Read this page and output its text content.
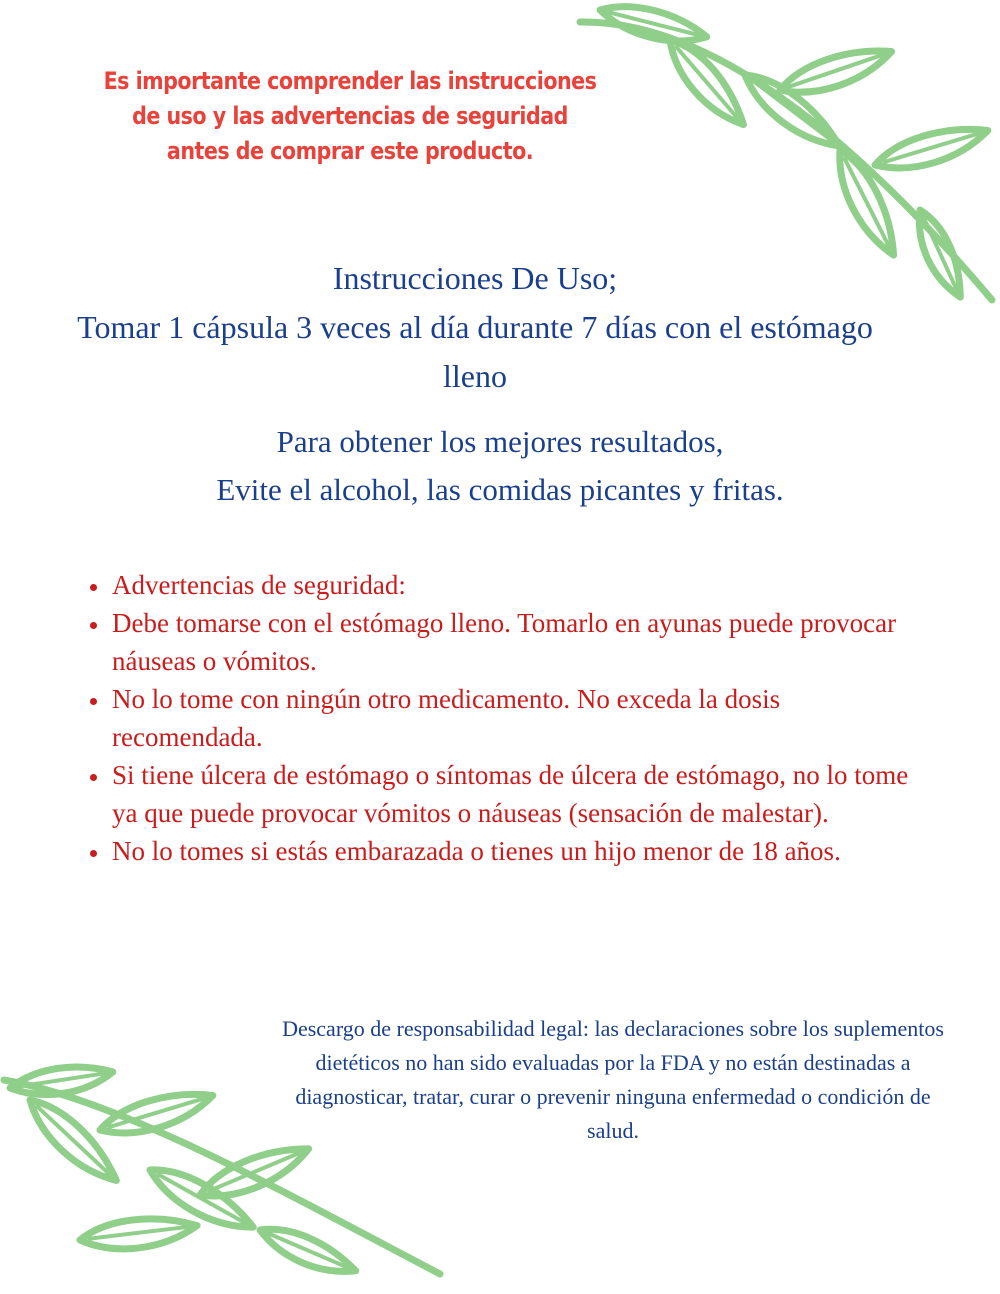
Es importante comprender las instrucciones de uso y las advertencias de seguridad antes de comprar este producto.

Instrucciones De Uso;
Tomar 1 cápsula 3 veces al día durante 7 días con el estómago lleno

Para obtener los mejores resultados,
Evite el alcohol, las comidas picantes y fritas.

• Advertencias de seguridad:
• Debe tomarse con el estómago lleno. Tomarlo en ayunas puede provocar náuseas o vómitos.
• No lo tome con ningún otro medicamento. No exceda la dosis recomendada.
• Si tiene úlcera de estómago o síntomas de úlcera de estómago, no lo tome ya que puede provocar vómitos o náuseas (sensación de malestar).
• No lo tomes si estás embarazada o tienes un hijo menor de 18 años.

Descargo de responsabilidad legal: las declaraciones sobre los suplementos dietéticos no han sido evaluadas por la FDA y no están destinadas a diagnosticar, tratar, curar o prevenir ninguna enfermedad o condición de salud.
